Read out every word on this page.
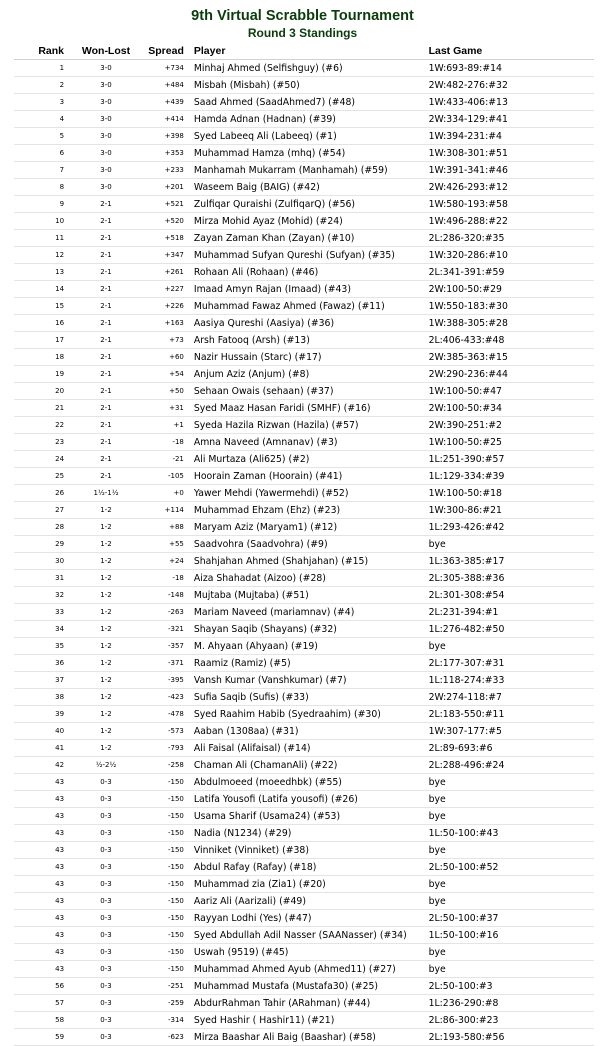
9th Virtual Scrabble Tournament
Round 3 Standings
Rank	Won-Lost	Spread	Player	Last Game
1	3-0	+734	Minhaj Ahmed (Selfishguy) (#6)	1W:693-89:#14
2	3-0	+484	Misbah (Misbah) (#50)	2W:482-276:#32
3	3-0	+439	Saad Ahmed (SaadAhmed7) (#48)	1W:433-406:#13
4	3-0	+414	Hamda Adnan (Hadnan) (#39)	2W:334-129:#41
5	3-0	+398	Syed Labeeq Ali (Labeeq) (#1)	1W:394-231:#4
6	3-0	+353	Muhammad Hamza (mhq) (#54)	1W:308-301:#51
7	3-0	+233	Manhamah Mukarram (Manhamah) (#59)	1W:391-341:#46
8	3-0	+201	Waseem Baig (BAIG) (#42)	2W:426-293:#12
9	2-1	+521	Zulfiqar Quraishi (ZulfiqarQ) (#56)	1W:580-193:#58
10	2-1	+520	Mirza Mohid Ayaz (Mohid) (#24)	1W:496-288:#22
11	2-1	+518	Zayan Zaman Khan (Zayan) (#10)	2L:286-320:#35
12	2-1	+347	Muhammad Sufyan Qureshi (Sufyan) (#35)	1W:320-286:#10
13	2-1	+261	Rohaan Ali (Rohaan) (#46)	2L:341-391:#59
14	2-1	+227	Imaad Amyn Rajan (Imaad) (#43)	2W:100-50:#29
15	2-1	+226	Muhammad Fawaz Ahmed (Fawaz) (#11)	1W:550-183:#30
16	2-1	+163	Aasiya Qureshi (Aasiya) (#36)	1W:388-305:#28
17	2-1	+73	Arsh Fatooq (Arsh) (#13)	2L:406-433:#48
18	2-1	+60	Nazir Hussain (Starc) (#17)	2W:385-363:#15
19	2-1	+54	Anjum Aziz (Anjum) (#8)	2W:290-236:#44
20	2-1	+50	Sehaan Owais (sehaan) (#37)	1W:100-50:#47
21	2-1	+31	Syed Maaz Hasan Faridi (SMHF) (#16)	2W:100-50:#34
22	2-1	+1	Syeda Hazila Rizwan (Hazila) (#57)	2W:390-251:#2
23	2-1	-18	Amna Naveed (Amnanav) (#3)	1W:100-50:#25
24	2-1	-21	Ali Murtaza (Ali625) (#2)	1L:251-390:#57
25	2-1	-105	Hoorain Zaman (Hoorain) (#41)	1L:129-334:#39
26	1½-1½	+0	Yawer Mehdi (Yawermehdi) (#52)	1W:100-50:#18
27	1-2	+114	Muhammad Ehzam (Ehz) (#23)	1W:300-86:#21
28	1-2	+88	Maryam Aziz (Maryam1) (#12)	1L:293-426:#42
29	1-2	+55	Saadvohra (Saadvohra) (#9)	bye
30	1-2	+24	Shahjahan Ahmed (Shahjahan) (#15)	1L:363-385:#17
31	1-2	-18	Aiza Shahadat (Aizoo) (#28)	2L:305-388:#36
32	1-2	-148	Mujtaba (Mujtaba) (#51)	2L:301-308:#54
33	1-2	-263	Mariam Naveed (mariamnav) (#4)	2L:231-394:#1
34	1-2	-321	Shayan Saqib (Shayans) (#32)	1L:276-482:#50
35	1-2	-357	M. Ahyaan (Ahyaan) (#19)	bye
36	1-2	-371	Raamiz (Ramiz) (#5)	2L:177-307:#31
37	1-2	-395	Vansh Kumar (Vanshkumar) (#7)	1L:118-274:#33
38	1-2	-423	Sufia Saqib (Sufis) (#33)	2W:274-118:#7
39	1-2	-478	Syed Raahim Habib (Syedraahim) (#30)	2L:183-550:#11
40	1-2	-573	Aaban (1308aa) (#31)	1W:307-177:#5
41	1-2	-793	Ali Faisal (Alifaisal) (#14)	2L:89-693:#6
42	½-2½	-258	Chaman Ali (ChamanAli) (#22)	2L:288-496:#24
43	0-3	-150	Abdulmoeed (moeedhbk) (#55)	bye
43	0-3	-150	Latifa Yousofi (Latifa yousofi) (#26)	bye
43	0-3	-150	Usama Sharif (Usama24) (#53)	bye
43	0-3	-150	Nadia (N1234) (#29)	1L:50-100:#43
43	0-3	-150	Vinniket (Vinniket) (#38)	bye
43	0-3	-150	Abdul Rafay (Rafay) (#18)	2L:50-100:#52
43	0-3	-150	Muhammad zia (Zia1) (#20)	bye
43	0-3	-150	Aariz Ali (Aarizali) (#49)	bye
43	0-3	-150	Rayyan Lodhi (Yes) (#47)	2L:50-100:#37
43	0-3	-150	Syed Abdullah Adil Nasser (SAANasser) (#34)	1L:50-100:#16
43	0-3	-150	Uswah (9519) (#45)	bye
43	0-3	-150	Muhammad Ahmed Ayub (Ahmed11) (#27)	bye
56	0-3	-251	Muhammad Mustafa (Mustafa30) (#25)	2L:50-100:#3
57	0-3	-259	AbdurRahman Tahir (ARahman) (#44)	1L:236-290:#8
58	0-3	-314	Syed Hashir ( Hashir11) (#21)	2L:86-300:#23
59	0-3	-623	Mirza Baashar Ali Baig (Baashar) (#58)	2L:193-580:#56
